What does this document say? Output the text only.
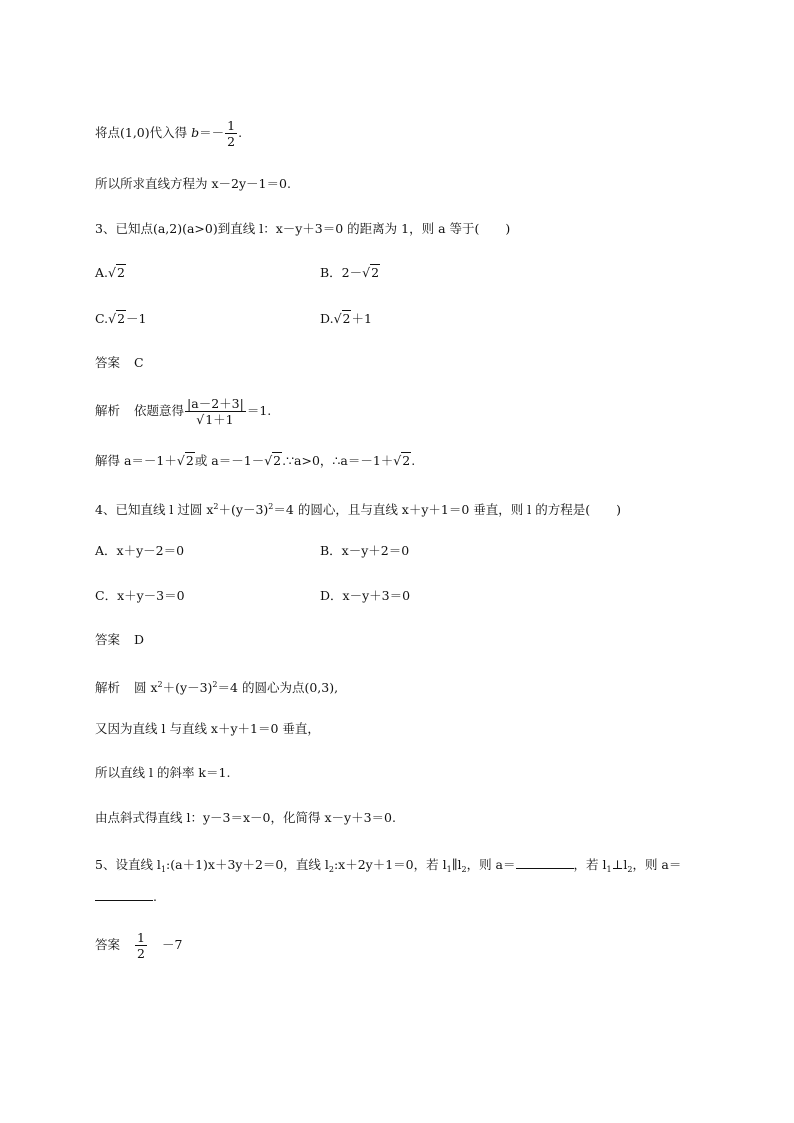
将点(1,0)代入得 $b=- \frac{1}{2}$ .
所以所求直线方程为 x－2y－1＝0.
3、已知点(a,2)(a>0)到直线 l：x－y＋3＝0 的距离为 1，则 a 等于( )
A.√2	B．2－√2
C.√2－1	D.√2＋1
答案 C
解析 依题意得 $\frac{|a-2+3|}{√1+1} =1$.
解得 a＝－1＋√2或 a＝－1－√2.∵a>0，∴a＝－1＋√2.
4、已知直线 l 过圆 $x^2+(y-3)^2=4$ 的圆心，且与直线 x＋y＋1＝0 垂直，则 l 的方程是( )
A．x＋y－2＝0	B．x－y＋2＝0
C．x＋y－3＝0	D．x－y＋3＝0
答案 D
解析 圆 $x^2+(y-3)^2=4$ 的圆心为点(0,3),
又因为直线 l 与直线 x＋y＋1＝0 垂直，
所以直线 l 的斜率 k＝1.
由点斜式得直线 l：y－3＝x－0，化简得 x－y＋3＝0.
5、设直线 $l_1:(a+1)x+3y+2=0$，直线 $l_2:x+2y+1=0$，若 $l_1\parallel l_2$，则 a＝	，若 $l_1\perp l_2$，则 a＝
.
答案 $\frac{1}{2} -7$
